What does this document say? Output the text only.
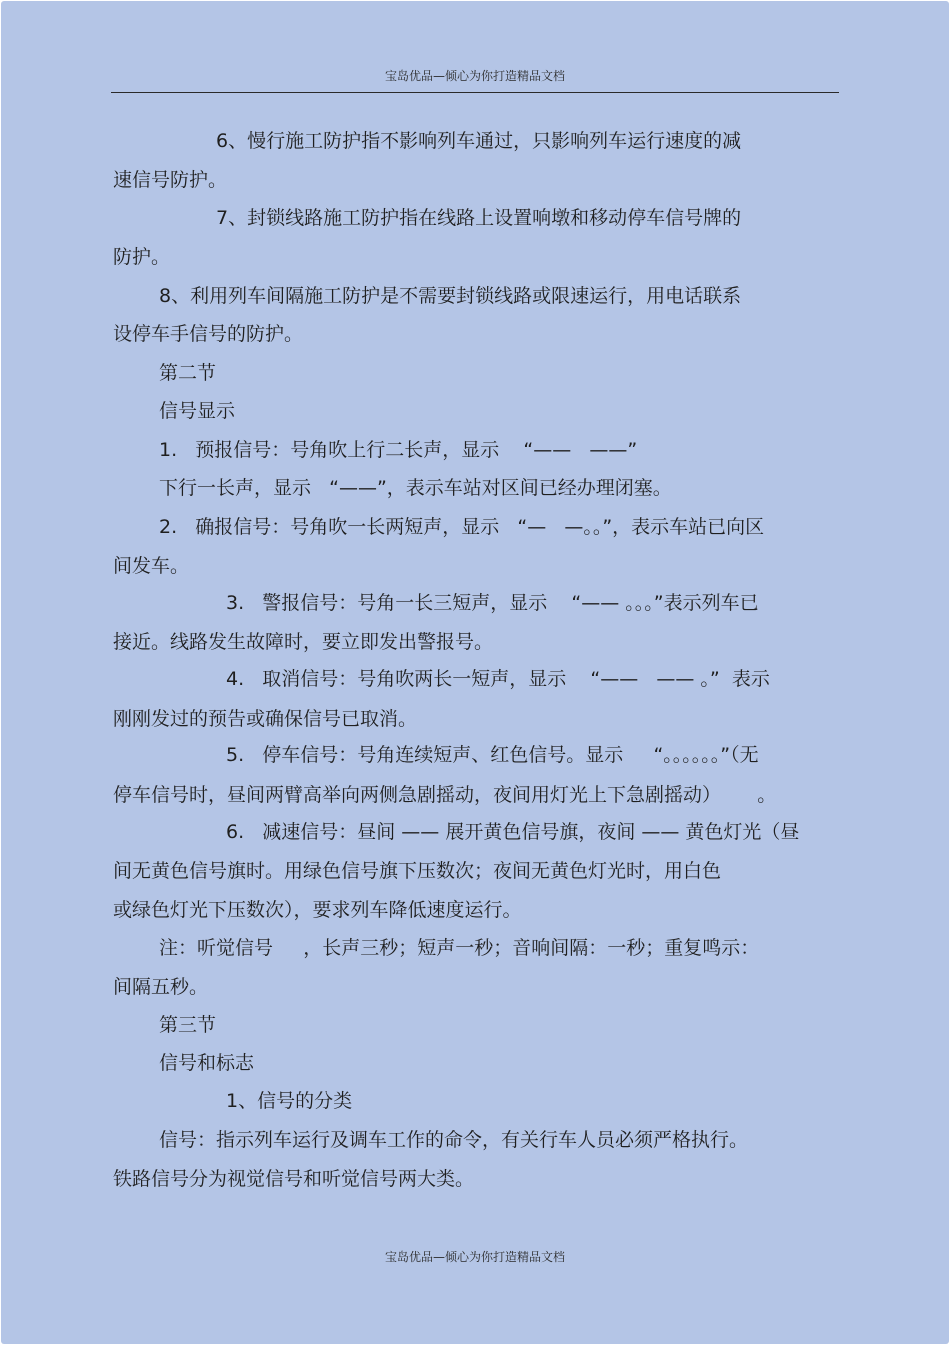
宝岛优品—倾心为你打造精品文档
6、慢行施工防护指不影响列车通过，只影响列车运行速度的减
速信号防护。
7、封锁线路施工防护指在线路上设置响墩和移动停车信号牌的
防护。
8、利用列车间隔施工防护是不需要封锁线路或限速运行，用电话联系
设停车手信号的防护。
第二节
信号显示
1.   预报信号：号角吹上行二长声，显示    “——   ——”
下行一长声，显示   “——”，表示车站对区间已经办理闭塞。
2.   确报信号：号角吹一长两短声，显示   “—   —。。”，表示车站已向区
间发车。
3.   警报信号：号角一长三短声，显示    “—— 。。。”表示列车已
接近。线路发生故障时，要立即发出警报号。
4.   取消信号：号角吹两长一短声，显示    “——   —— 。”  表示
刚刚发过的预告或确保信号已取消。
5.   停车信号：号角连续短声、红色信号。显示     “。。。。。。”（无
停车信号时，昼间两臂高举向两侧急剧摇动，夜间用灯光上下急剧摇动）      。
6.   减速信号：昼间 —— 展开黄色信号旗，夜间 —— 黄色灯光（昼
间无黄色信号旗时。用绿色信号旗下压数次；夜间无黄色灯光时，用白色
或绿色灯光下压数次），要求列车降低速度运行。
注：听觉信号     ，长声三秒；短声一秒；音响间隔：一秒；重复鸣示：
间隔五秒。
第三节
信号和标志
1、信号的分类
信号：指示列车运行及调车工作的命令，有关行车人员必须严格执行。
铁路信号分为视觉信号和听觉信号两大类。
宝岛优品—倾心为你打造精品文档
